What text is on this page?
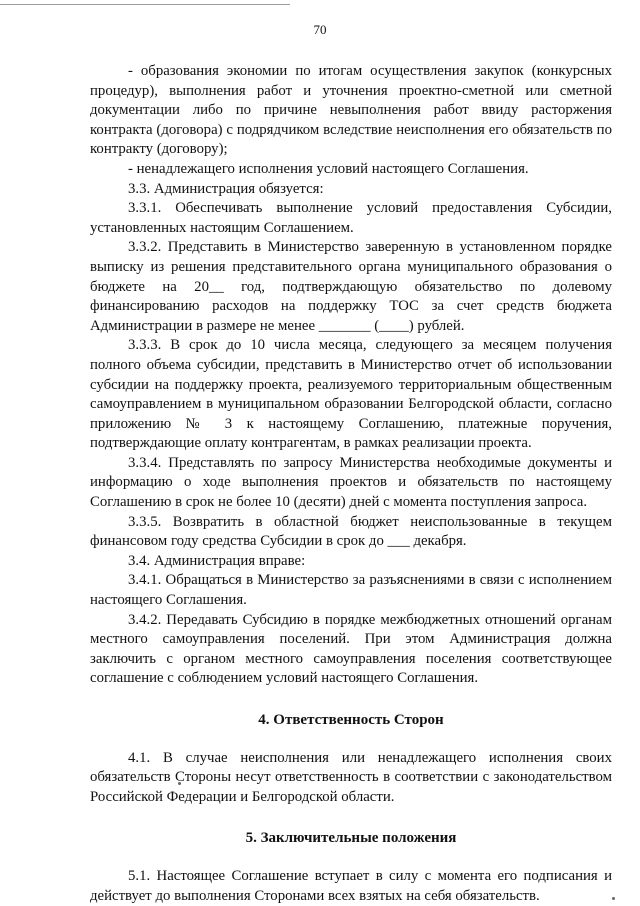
70

- образования экономии по итогам осуществления закупок (конкурсных процедур), выполнения работ и уточнения проектно-сметной или сметной документации либо по причине невыполнения работ ввиду расторжения контракта (договора) с подрядчиком вследствие неисполнения его обязательств по контракту (договору);

- ненадлежащего исполнения условий настоящего Соглашения.

3.3. Администрация обязуется:

3.3.1. Обеспечивать выполнение условий предоставления Субсидии, установленных настоящим Соглашением.

3.3.2. Представить в Министерство заверенную в установленном порядке выписку из решения представительного органа муниципального образования о бюджете на 20__ год, подтверждающую обязательство по долевому финансированию расходов на поддержку ТОС за счет средств бюджета Администрации в размере не менее _______ (____) рублей.

3.3.3. В срок до 10 числа месяца, следующего за месяцем получения полного объема субсидии, представить в Министерство отчет об использовании субсидии на поддержку проекта, реализуемого территориальным общественным самоуправлением в муниципальном образовании Белгородской области, согласно приложению № 3 к настоящему Соглашению, платежные поручения, подтверждающие оплату контрагентам, в рамках реализации проекта.

3.3.4. Представлять по запросу Министерства необходимые документы и информацию о ходе выполнения проектов и обязательств по настоящему Соглашению в срок не более 10 (десяти) дней с момента поступления запроса.

3.3.5. Возвратить в областной бюджет неиспользованные в текущем финансовом году средства Субсидии в срок до ___ декабря.

3.4. Администрация вправе:

3.4.1. Обращаться в Министерство за разъяснениями в связи с исполнением настоящего Соглашения.

3.4.2. Передавать Субсидию в порядке межбюджетных отношений органам местного самоуправления поселений. При этом Администрация должна заключить с органом местного самоуправления поселения соответствующее соглашение с соблюдением условий настоящего Соглашения.

4. Ответственность Сторон

4.1. В случае неисполнения или ненадлежащего исполнения своих обязательств Стороны несут ответственность в соответствии с законодательством Российской Федерации и Белгородской области.

5. Заключительные положения

5.1. Настоящее Соглашение вступает в силу с момента его подписания и действует до выполнения Сторонами всех взятых на себя обязательств.
